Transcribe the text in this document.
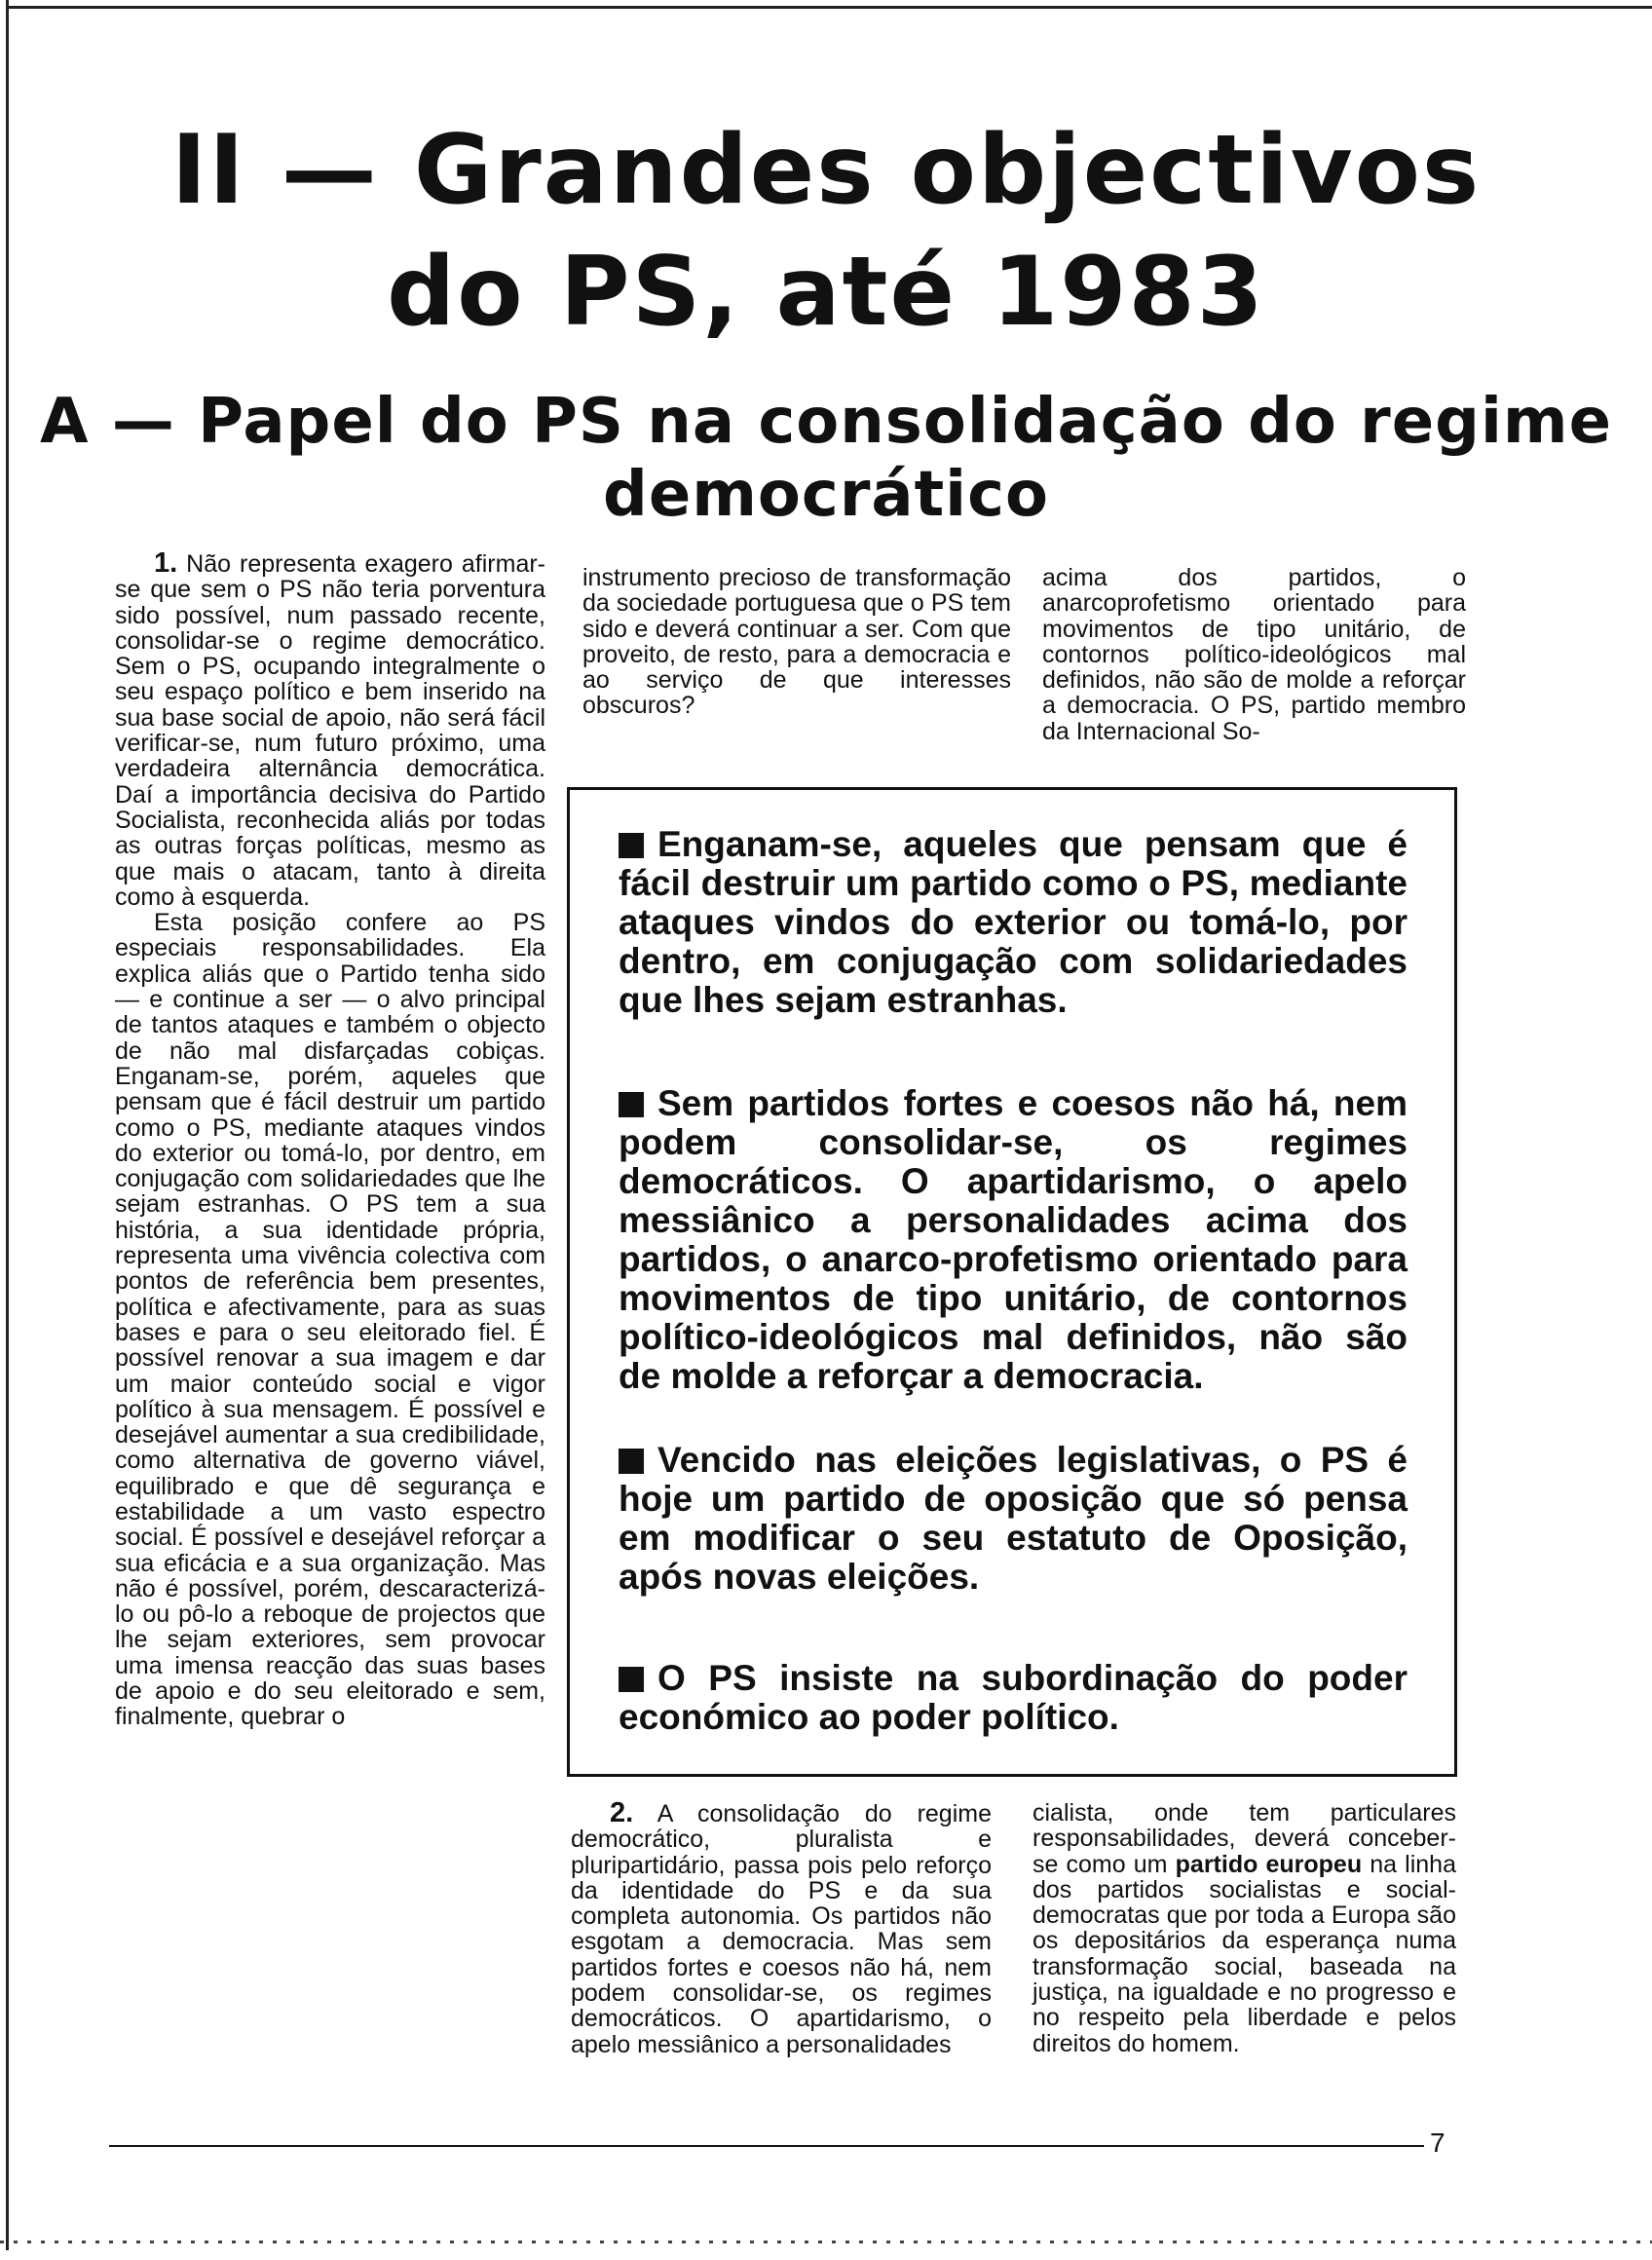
II — Grandes objectivos
do PS, até 1983
A — Papel do PS na consolidação do regime
democrático

1. Não representa exagero afirmar-se que sem o PS não teria porventura sido possível, num passado recente, consolidar-se o regime democrático. Sem o PS, ocupando integralmente o seu espaço político e bem inserido na sua base social de apoio, não será fácil verificar-se, num futuro próximo, uma verdadeira alternância democrática. Daí a importância decisiva do Partido Socialista, reconhecida aliás por todas as outras forças políticas, mesmo as que mais o atacam, tanto à direita como à esquerda.

Esta posição confere ao PS especiais responsabilidades. Ela explica aliás que o Partido tenha sido — e continue a ser — o alvo principal de tantos ataques e também o objecto de não mal disfarçadas cobiças. Enganam-se, porém, aqueles que pensam que é fácil destruir um partido como o PS, mediante ataques vindos do exterior ou tomá-lo, por dentro, em conjugação com solidariedades que lhe sejam estranhas. O PS tem a sua história, a sua identidade própria, representa uma vivência colectiva com pontos de referência bem presentes, política e afectivamente, para as suas bases e para o seu eleitorado fiel. É possível renovar a sua imagem e dar um maior conteúdo social e vigor político à sua mensagem. É possível e desejável aumentar a sua credibilidade, como alternativa de governo viável, equilibrado e que dê segurança e estabilidade a um vasto espectro social. É possível e desejável reforçar a sua eficácia e a sua organização. Mas não é possível, porém, descaracterizá-lo ou pô-lo a reboque de projectos que lhe sejam exteriores, sem provocar uma imensa reacção das suas bases de apoio e do seu eleitorado e sem, finalmente, quebrar o

instrumento precioso de transformação da sociedade portuguesa que o PS tem sido e deverá continuar a ser. Com que proveito, de resto, para a democracia e ao serviço de que interesses obscuros?

acima dos partidos, o anarcoprofetismo orientado para movimentos de tipo unitário, de contornos político-ideológicos mal definidos, não são de molde a reforçar a democracia. O PS, partido membro da Internacional So-

Enganam-se, aqueles que pensam que é fácil destruir um partido como o PS, mediante ataques vindos do exterior ou tomá-lo, por dentro, em conjugação com solidariedades que lhes sejam estranhas.
Sem partidos fortes e coesos não há, nem podem consolidar-se, os regimes democráticos. O apartidarismo, o apelo messiânico a personalidades acima dos partidos, o anarco-profetismo orientado para movimentos de tipo unitário, de contornos político-ideológicos mal definidos, não são de molde a reforçar a democracia.
Vencido nas eleições legislativas, o PS é hoje um partido de oposição que só pensa em modificar o seu estatuto de Oposição, após novas eleições.
O PS insiste na subordinação do poder económico ao poder político.

2. A consolidação do regime democrático, pluralista e pluripartidário, passa pois pelo reforço da identidade do PS e da sua completa autonomia. Os partidos não esgotam a democracia. Mas sem partidos fortes e coesos não há, nem podem consolidar-se, os regimes democráticos. O apartidarismo, o apelo messiânico a personalidades

cialista, onde tem particulares responsabilidades, deverá conceber-se como um partido europeu na linha dos partidos socialistas e social-democratas que por toda a Europa são os depositários da esperança numa transformação social, baseada na justiça, na igualdade e no progresso e no respeito pela liberdade e pelos direitos do homem.

7
